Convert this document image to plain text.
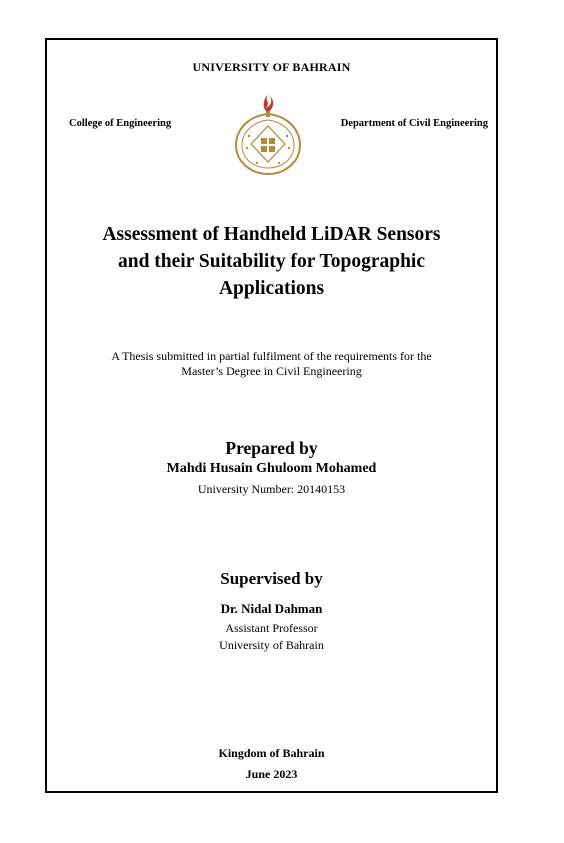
UNIVERSITY OF BAHRAIN
College of Engineering	Department of Civil Engineering
Assessment of Handheld LiDAR Sensors
and their Suitability for Topographic
Applications
A Thesis submitted in partial fulfilment of the requirements for the
Master’s Degree in Civil Engineering
Prepared by
Mahdi Husain Ghuloom Mohamed
University Number: 20140153
Supervised by
Dr. Nidal Dahman
Assistant Professor
University of Bahrain
Kingdom of Bahrain
June 2023
